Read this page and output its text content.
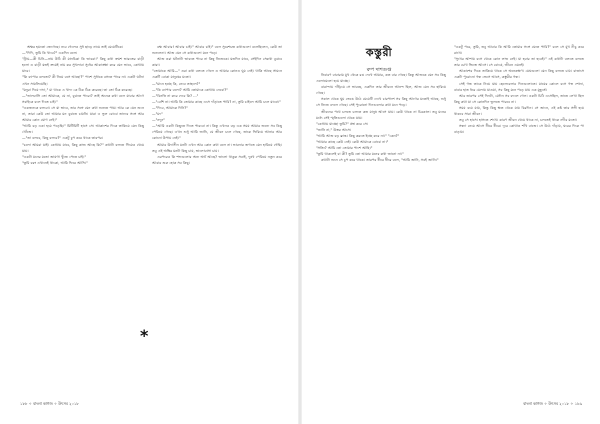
অক্ষর হয়তো জেগেছে। নবে গেলেও সুধ ছাড়ে নামে তাই মেয়েটিকে।

—"দিদি, তুমি কি খাবে?" একদিন বলে।

"ট্রাম—কী চিনি—নায় উঠি কী মানচিত্রা কি ভাবরা।" কিছু কথা ক্রমশ ভারতের বাড়ী হলো ও বাড়ী যতই ক্রমেই নাম কর সুখলাবা সুধের আকাঙ্ক্ষা করে যেন ভাবে, কোথায় যাবে।

"কি ব্যাপার বলতো? কী নিয়ে বসে আছো?" পাশে সুধাকে বসতে পারে না। একটা ঘটনা এখন সামলিয়েছি।

"মনুরা দিয়ে দাদা," মা থাকে এ খাদ্য কে ঠিক ঠিক করেছে। তা তো ঠিক করেছে।

—"ভালবাসি তো আমাকে, যে না, বুঝতে পারো? তাই অনেক কথা বলে যাবার আগে সবাইকে বলে দিতে চাই।"

"একজনকে বলবো। সে যা ভাবে, তার সঙ্গে যেন কথা শুনতে পায়। আর কে যেন শুনে না, তারা কেউ তো আমার মন বুঝতে চায়নি। যারা এ ভুল বোঝে তাদের সঙ্গে আর আমার কোন যোগ নেই।"

"আমি বড় একা হয়ে পড়েছি।" মিটিমিটি হাসে সে। আকাশের দিকে তাকিয়ে যেন কিছু খোঁজে।

—"তা বলবে, কিছু বলবে?" একটু চুপ করে থাকে তারপর।

"চলো আমরা যাই। কোথায় যাবে, কিছু কাজ আছে কি?" কথাটা বলতে গিয়েও থেমে যায়।

"একটা মনের মতো জায়গা খুঁজে পেতে চাই।"

"তুমি বরং এখানেই থাকো, আমি ফিরে আসি।"

বক্ষ আবার! আবার চাই।" আবার চাই।" বলে সুরেশচন্দ্র কথাগুলো বলেছিলেন, কেউ তা শুনলেনা। আজ যেন সে কথাগুলো মনে পড়ে।

আজ ওরা ঘটনাটা ভাবতে পারে না কিছু নিজেকে। যতদিন যাবে, সেইদিন সেকথা বুঝবে কারা।

"তোমাকে আমি—" ওরা কথা বলতে গেলে ও আমার কোনও ঘুম নেই। থাকি আছে সামনে একটি বোকা মানুষের মতো।

—"মানে হচ্ছে কি, নেবে তাহলে?"

—"কি ব্যাপার বলো? আমি তোমাকে কোথায় নেবো?"

—"বিনতি না করে দেবে কি? ..."

—"বেশি না। আমি কি তোমার কাছে এসে দাঁড়াতে পারি? না, তুমি চাইলে আমি চলে যাবো।"

—"দিবে, আমাকে দিনি?"

—"মদ"

—"নদুন"

—"আমি একটা কিছুতে দিতে পারবো না। কিন্তু এখনও বড় এক সময় আমার জন্যে সব কিছু পেরিয়ে গেছে। এখন শুধু আমি জানি, যে জীবন চলে গেছে, তাকে ফিরিয়ে আনার আর কোনো উপায় নেই।"

আমার উদাসীন মনটা এখন আর কোন কথা বলে না। ভাবনার জগতে যেন হারিয়ে গেছি। তবু এই অস্থির মনটা কিছু চায়, ভালোবাসা চায়।

এরপরেও কি শব্দগুলোর অন্য অর্থ আছে? ভালো থাকুক সবাই, দুঃখ পেরিয়ে নতুন করে আবার শুরু হোক সব কিছু।

*
১৮৮ ✧ বাংলা কাগজ ✧ উৎসব ২০১৮

"একটু পরে, তুমি, তবু আবার কি আমি তোমার সঙ্গে যেতে পারি?" বলে সে মুখ নীচু করে রাখে।

"সুখের আশায় বসে থেকে কোন লাভ নেই। যা হবার তা হবেই।" এই কথাটা বলতে বলতে তার চোখ ভিজে আসে। সে বোঝে, জীবন এমনই।

আকাশের দিকে তাকিয়ে থাকে সে অনেকক্ষণ। মেঘগুলো যেন কিছু বলতে চায়। বাতাসে একটা পুরোনো গন্ধ ভেসে আসে, কস্তুরীর গন্ধ।

সেই গন্ধ তাকে নিয়ে যায় ছেলেবেলার দিনগুলোতে। মায়ের কোলে বসে গল্প শোনা, বাবার হাত ধরে মেলায় যাওয়া, সব কিছু মনে পড়ে যায় এক মুহূর্তে।

আর তারপর সেই দিনটা, যেদিন সব বদলে গেল। একটা চিঠি এসেছিল, তাতে লেখা ছিল কিছু কথা যা সে কোনদিন ভুলতে পারবে না।

সময় বয়ে যায়, কিন্তু কিছু ক্ষত থেকে যায় চিরদিন। সে জানে, এই কষ্ট তার সঙ্গী হয়ে থাকবে সারা জীবন।

তবু সে হাসে। হাসতে শেখে। কারণ জীবন থেমে থাকে না, চলতেই থাকে নদীর মতো।

সন্ধ্যা নেমে আসে ধীরে ধীরে। দূরে কোথাও শাঁখ বাজে। সে উঠে দাঁড়ায়, ঘরের দিকে পা বাড়ায়।

কস্তুরী
রুপ দাশগুপ্ত

নিবারণ বাবারাম মুখ থেকে রঙ দেখে আমার, কত বার গেছে। কিন্তু আজকে যেন সব কিছু এলোমেলো হয়ে যাচ্ছে।

বারান্দায় দাঁড়িয়ে সে ভাবছে, একদিন তার জীবনে আনন্দ ছিল, আজ যেন সব হারিয়ে গেছে।

সকাল থেকে ঘুম ভেঙে উঠে মেয়েটি দেখে চারপাশে সব কিছু আগের মতোই আছে, শুধু সে নিজে বদলে গেছে। সেই পুরোনো দিনগুলোর কথা মনে পড়ে।

জীবনের পথে চলতে চলতে কত মানুষ আসে যায়। কেউ থাকে না চিরকাল। তবু মনের মধ্যে সেই স্মৃতিগুলো থেকে যায়।

"কোথায় যাচ্ছো তুমি?" প্রশ্ন করে সে।

"জানি না," উত্তর আসে।

"আমি আজ বড় ক্লান্ত। কিছু করতে ইচ্ছে করে না।" "কেন?"

"আমার কাছে কেউ নেই। কেউ আমাকে বোঝে না।"

"সত্যি? আমি তো তোমার পাশে আছি।"

"তুমি থাকলেই বা কী? তুমি তো আমার মনের কথা জানো না।"

কথাটা শুনে সে চুপ করে থাকে। তারপর ধীরে ধীরে বলে, "আমি জানি, সবই জানি।"

বাংলা কাগজ ✧ উৎসব ২০১৮ ✧ ১৮৯
